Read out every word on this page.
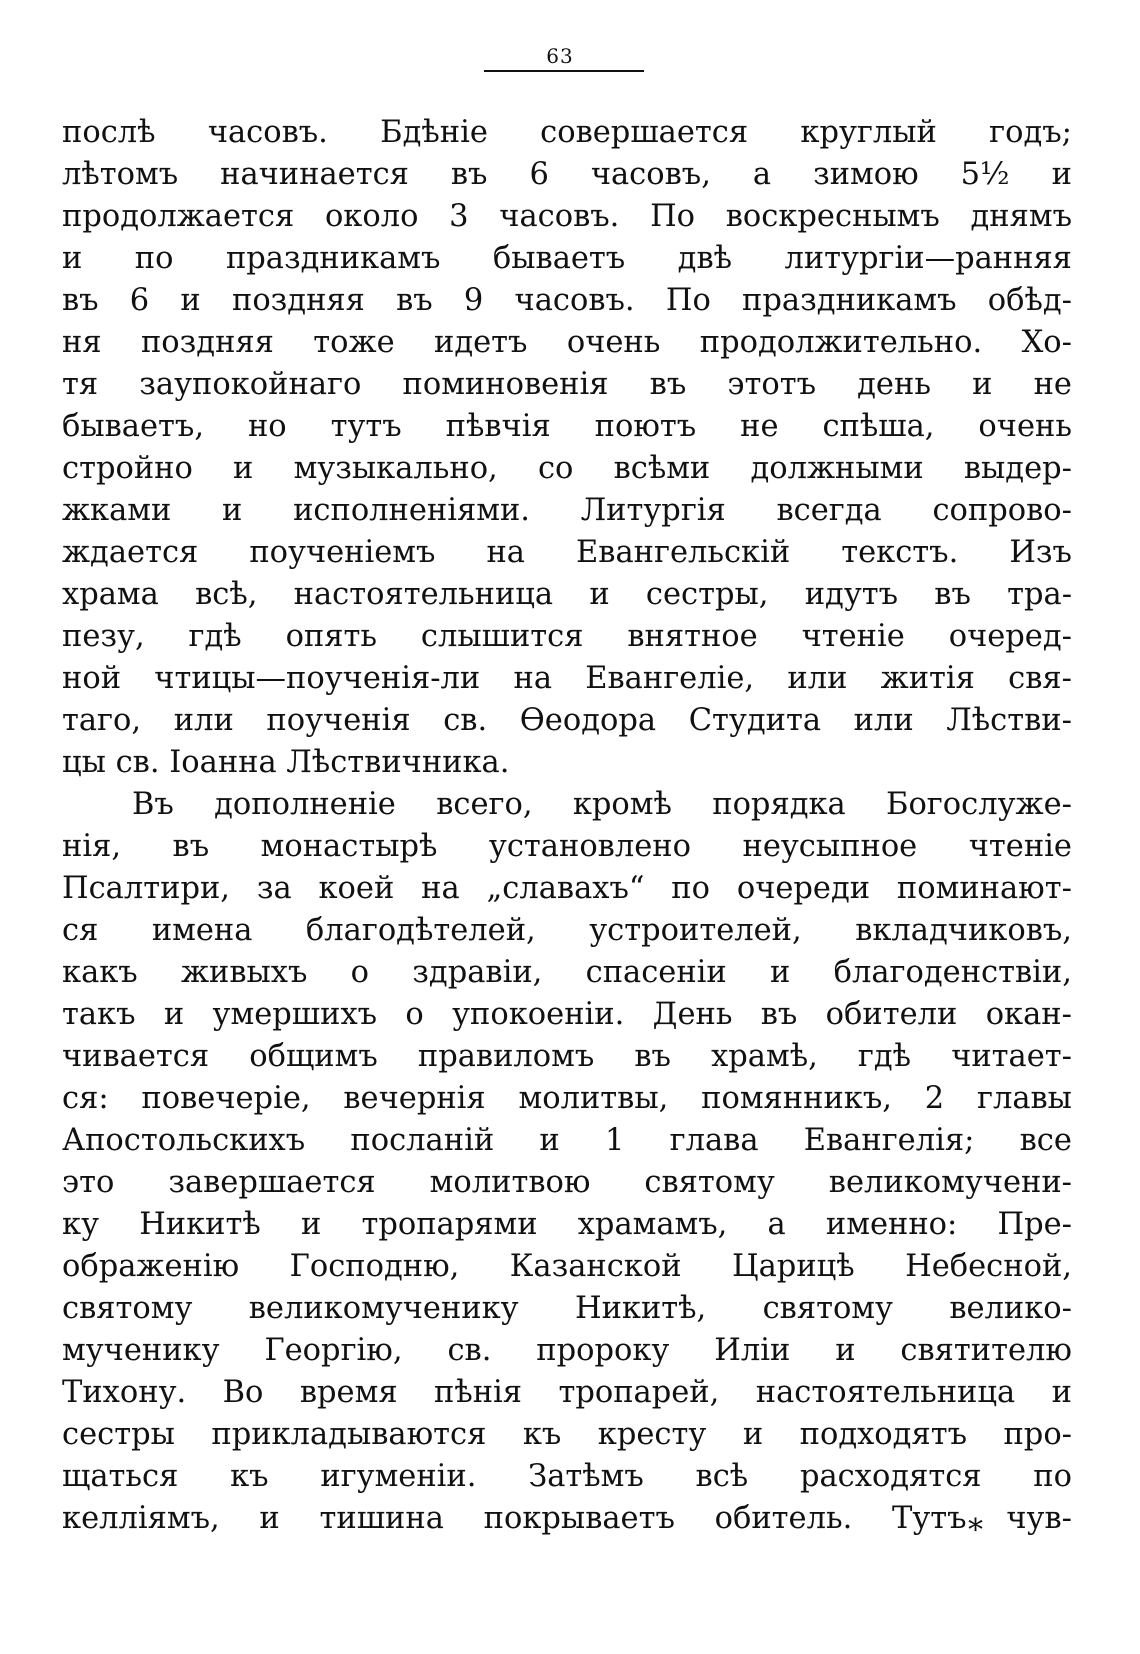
63
послѣ часовъ. Бдѣніе совершается круглый годъ;
лѣтомъ начинается въ 6 часовъ, а зимою 5½ и
продолжается около 3 часовъ. По воскреснымъ днямъ
и по праздникамъ бываетъ двѣ литургіи—ранняя
въ 6 и поздняя въ 9 часовъ. По праздникамъ обѣд-
ня поздняя тоже идетъ очень продолжительно. Хо-
тя заупокойнаго поминовенія въ этотъ день и не
бываетъ, но тутъ пѣвчія поютъ не спѣша, очень
стройно и музыкально, со всѣми должными выдер-
жками и исполненіями. Литургія всегда сопрово-
ждается поученіемъ на Евангельскій текстъ. Изъ
храма всѣ, настоятельница и сестры, идутъ въ тра-
пезу, гдѣ опять слышится внятное чтеніе очеред-
ной чтицы—поученія-ли на Евангеліе, или житія свя-
таго, или поученія св. Ѳеодора Студита или Лѣстви-
цы св. Іоанна Лѣствичника.
Въ дополненіе всего, кромѣ порядка Богослуже-
нія, въ монастырѣ установлено неусыпное чтеніе
Псалтири, за коей на „славахъ“ по очереди поминают-
ся имена благодѣтелей, устроителей, вкладчиковъ,
какъ живыхъ о здравіи, спасеніи и благоденствіи,
такъ и умершихъ о упокоеніи. День въ обители окан-
чивается общимъ правиломъ въ храмѣ, гдѣ читает-
ся: повечеріе, вечернія молитвы, помянникъ, 2 главы
Апостольскихъ посланій и 1 глава Евангелія; все
это завершается молитвою святому великомучени-
ку Никитѣ и тропарями храмамъ, а именно: Пре-
ображенію Господню, Казанской Царицѣ Небесной,
святому великомученику Никитѣ, святому велико-
мученику Георгію, св. пророку Иліи и святителю
Тихону. Во время пѣнія тропарей, настоятельница и
сестры прикладываются къ кресту и подходятъ про-
щаться къ игуменіи. Затѣмъ всѣ расходятся по
келліямъ, и тишина покрываетъ обитель. Тутъ чув-
*
